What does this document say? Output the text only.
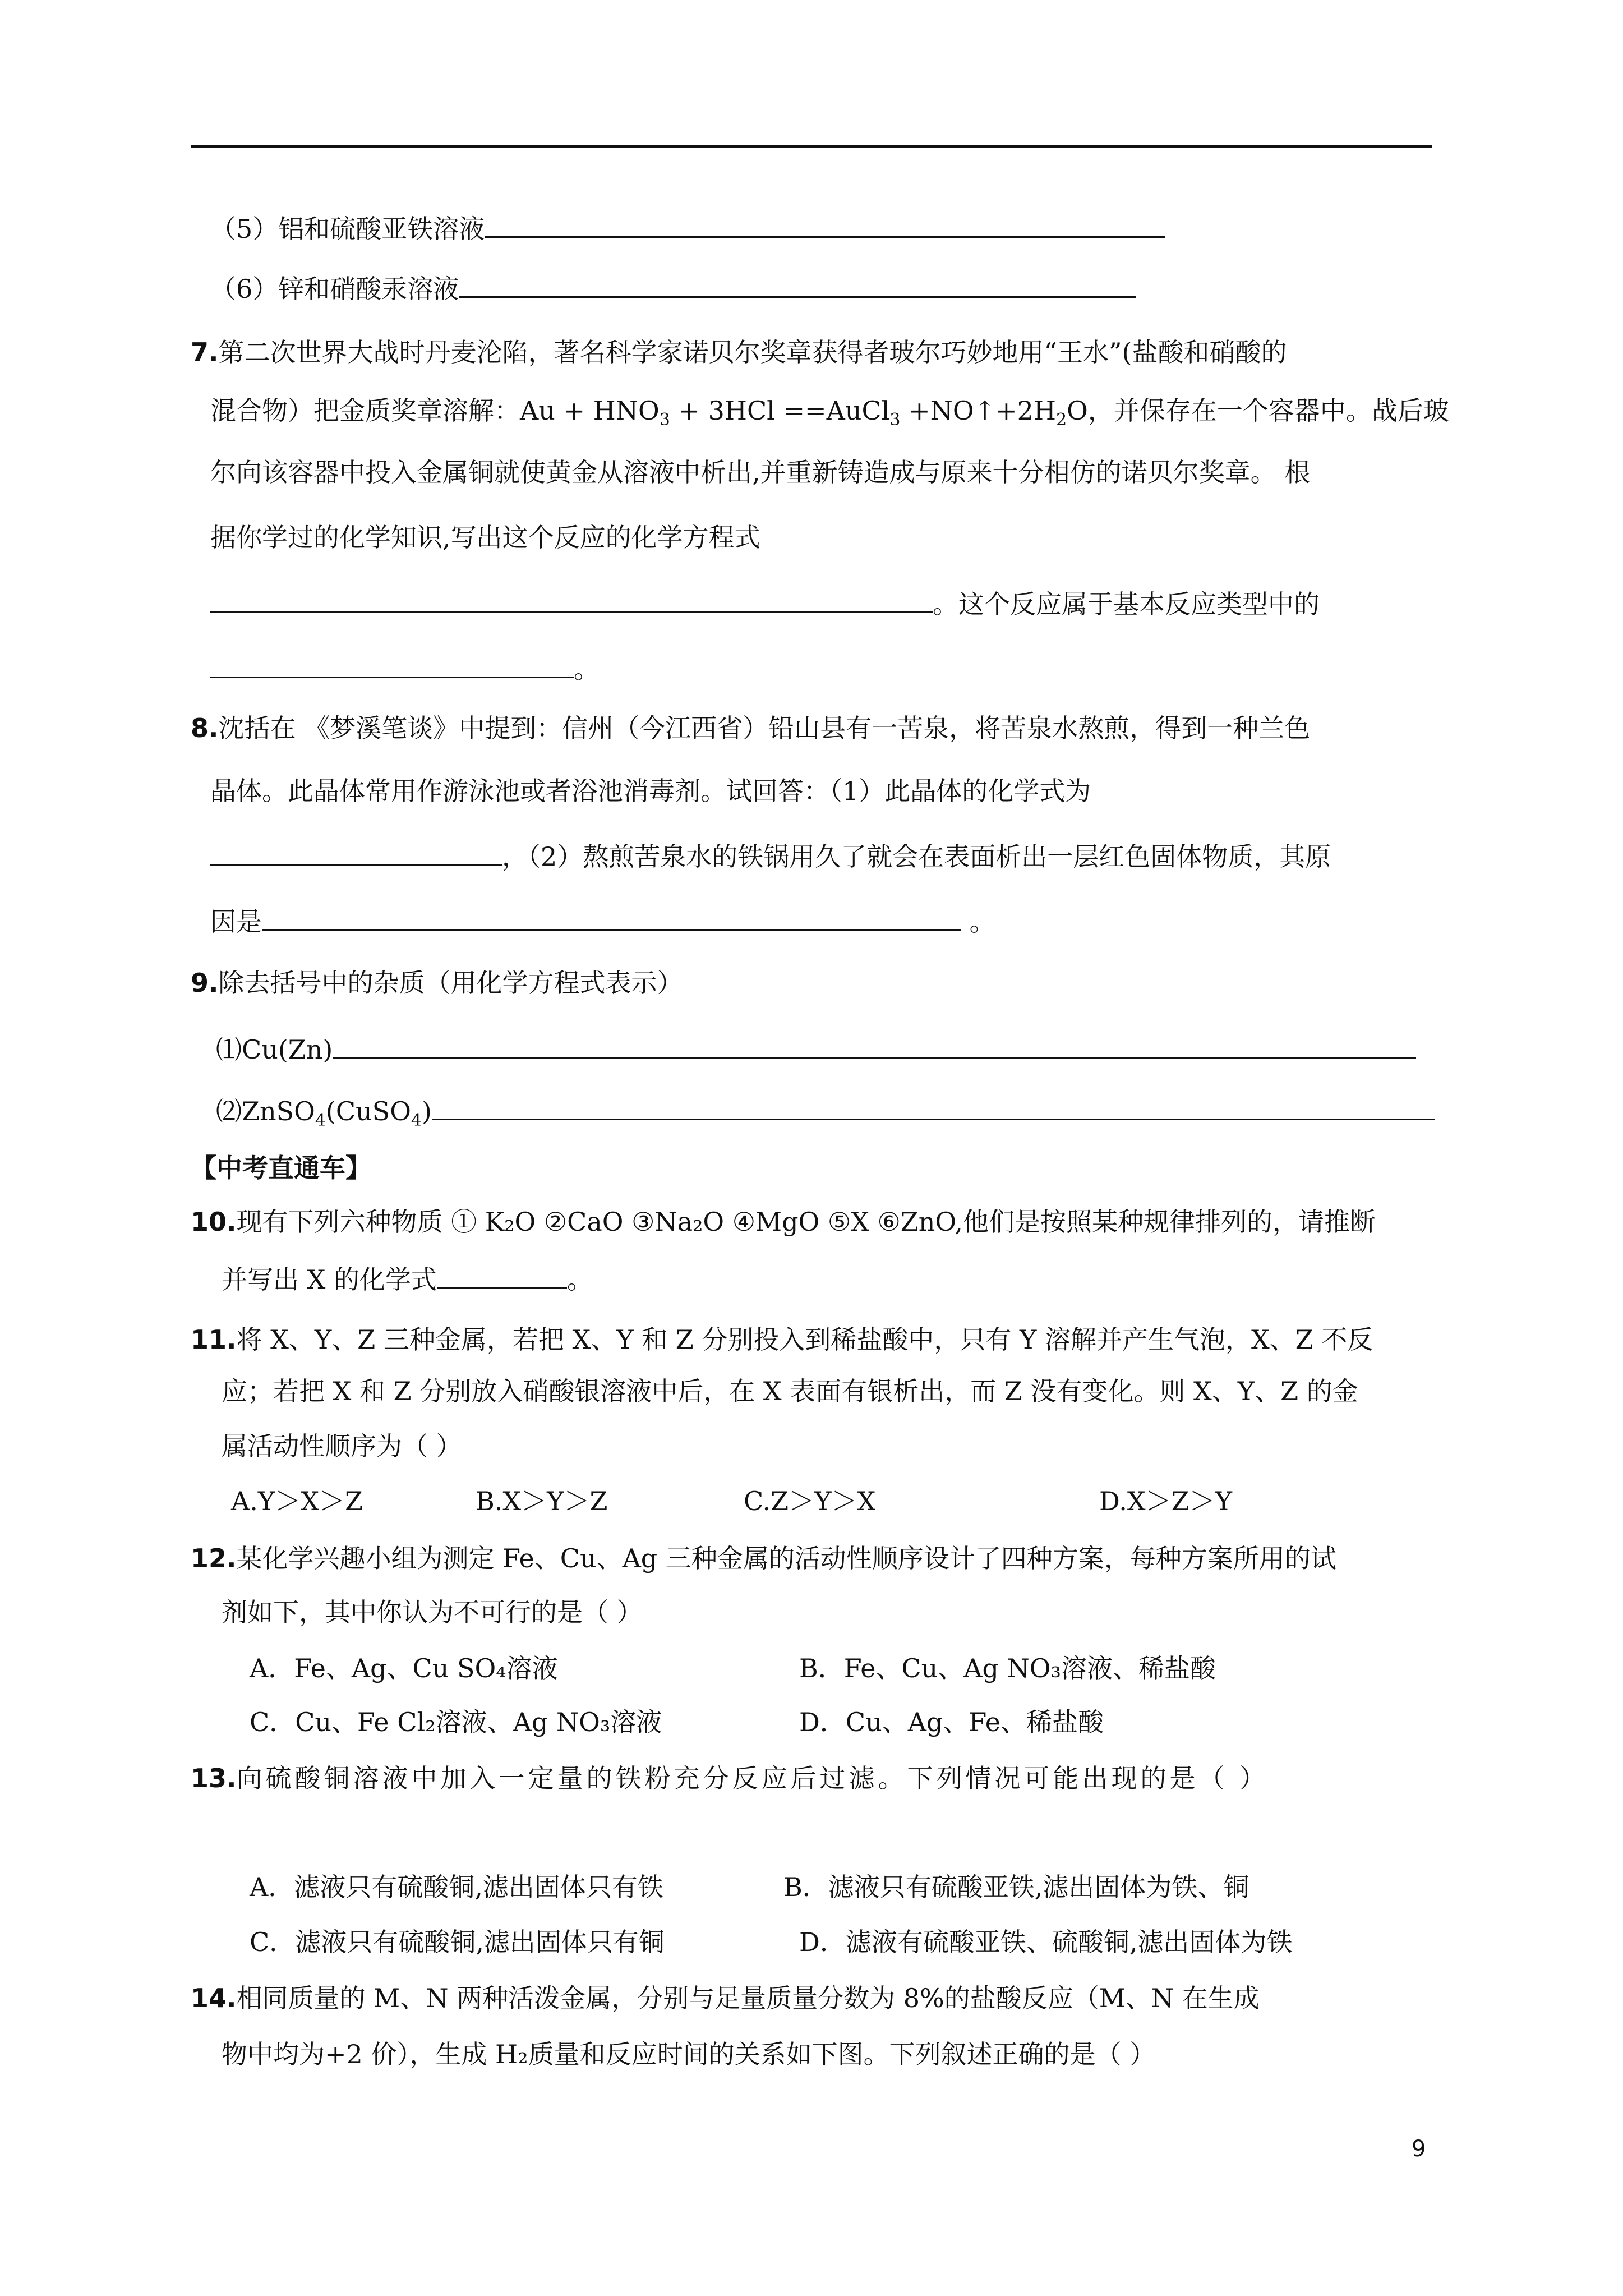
（5）铝和硫酸亚铁溶液
（6）锌和硝酸汞溶液
7.第二次世界大战时丹麦沦陷，著名科学家诺贝尔奖章获得者玻尔巧妙地用“王水”(盐酸和硝酸的
混合物）把金质奖章溶解：$Au + HNO_3 + 3HCl$ ==AuCl$_3$ $+NO↑+2H_2O$，并保存在一个容器中。战后玻
尔向该容器中投入金属铜就使黄金从溶液中析出,并重新铸造成与原来十分相仿的诺贝尔奖章。 根
据你学过的化学知识,写出这个反应的化学方程式
。这个反应属于基本反应类型中的
。
8.沈括在 《梦溪笔谈》中提到：信州（今江西省）铅山县有一苦泉，将苦泉水熬煎，得到一种兰色
晶体。此晶体常用作游泳池或者浴池消毒剂。试回答：（1）此晶体的化学式为
，（2）熬煎苦泉水的铁锅用久了就会在表面析出一层红色固体物质，其原
因是	。
9.除去括号中的杂质（用化学方程式表示）
⑴Cu(Zn)
⑵ZnSO$_4$(CuSO$_4$)
【中考直通车】
10.现有下列六种物质 ① K₂O ②CaO ③Na₂O ④MgO ⑤X ⑥ZnO,他们是按照某种规律排列的，请推断
并写出 X 的化学式	。
11.将 X、Y、Z 三种金属，若把 X、Y 和 Z 分别投入到稀盐酸中，只有 Y 溶解并产生气泡，X、Z 不反
应；若把 X 和 Z 分别放入硝酸银溶液中后，在 X 表面有银析出，而 Z 没有变化。则 X、Y、Z 的金
属活动性顺序为（ ）
A.Y＞X＞Z	B.X＞Y＞Z	C.Z＞Y＞X	D.X＞Z＞Y
12.某化学兴趣小组为测定 Fe、Cu、Ag 三种金属的活动性顺序设计了四种方案，每种方案所用的试
剂如下，其中你认为不可行的是（ ）
A．Fe、Ag、Cu SO₄溶液	B．Fe、Cu、Ag NO₃溶液、稀盐酸
C．Cu、Fe Cl₂溶液、Ag NO₃溶液	D．Cu、Ag、Fe、稀盐酸
13.向硫酸铜溶液中加入一定量的铁粉充分反应后过滤。下列情况可能出现的是（ ）
A．滤液只有硫酸铜,滤出固体只有铁	B．滤液只有硫酸亚铁,滤出固体为铁、铜
C．滤液只有硫酸铜,滤出固体只有铜	D．滤液有硫酸亚铁、硫酸铜,滤出固体为铁
14.相同质量的 M、N 两种活泼金属，分别与足量质量分数为 8%的盐酸反应（M、N 在生成
物中均为+2 价），生成 H₂质量和反应时间的关系如下图。下列叙述正确的是（ ）
9
